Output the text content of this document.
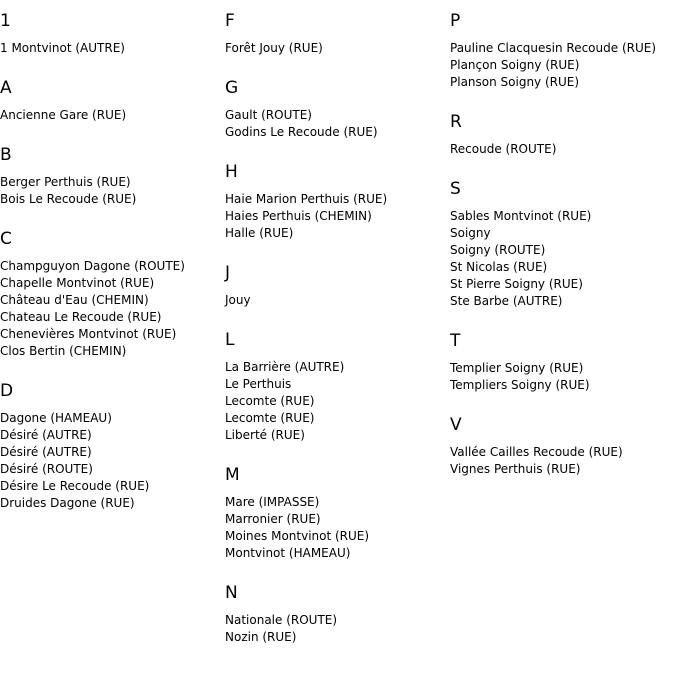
1
1 Montvinot (AUTRE)
A
Ancienne Gare (RUE)
B
Berger Perthuis (RUE)
Bois Le Recoude (RUE)
C
Champguyon Dagone (ROUTE)
Chapelle Montvinot (RUE)
Château d'Eau (CHEMIN)
Chateau Le Recoude (RUE)
Chenevières Montvinot (RUE)
Clos Bertin (CHEMIN)
D
Dagone (HAMEAU)
Désiré (AUTRE)
Désiré (AUTRE)
Désiré (ROUTE)
Désire Le Recoude (RUE)
Druides Dagone (RUE)
F
Forêt Jouy (RUE)
G
Gault (ROUTE)
Godins Le Recoude (RUE)
H
Haie Marion Perthuis (RUE)
Haies Perthuis (CHEMIN)
Halle (RUE)
J
Jouy
L
La Barrière (AUTRE)
Le Perthuis
Lecomte (RUE)
Lecomte (RUE)
Liberté (RUE)
M
Mare (IMPASSE)
Marronier (RUE)
Moines Montvinot (RUE)
Montvinot (HAMEAU)
N
Nationale (ROUTE)
Nozin (RUE)
P
Pauline Clacquesin Recoude (RUE)
Plançon Soigny (RUE)
Planson Soigny (RUE)
R
Recoude (ROUTE)
S
Sables Montvinot (RUE)
Soigny
Soigny (ROUTE)
St Nicolas (RUE)
St Pierre Soigny (RUE)
Ste Barbe (AUTRE)
T
Templier Soigny (RUE)
Templiers Soigny (RUE)
V
Vallée Cailles Recoude (RUE)
Vignes Perthuis (RUE)
